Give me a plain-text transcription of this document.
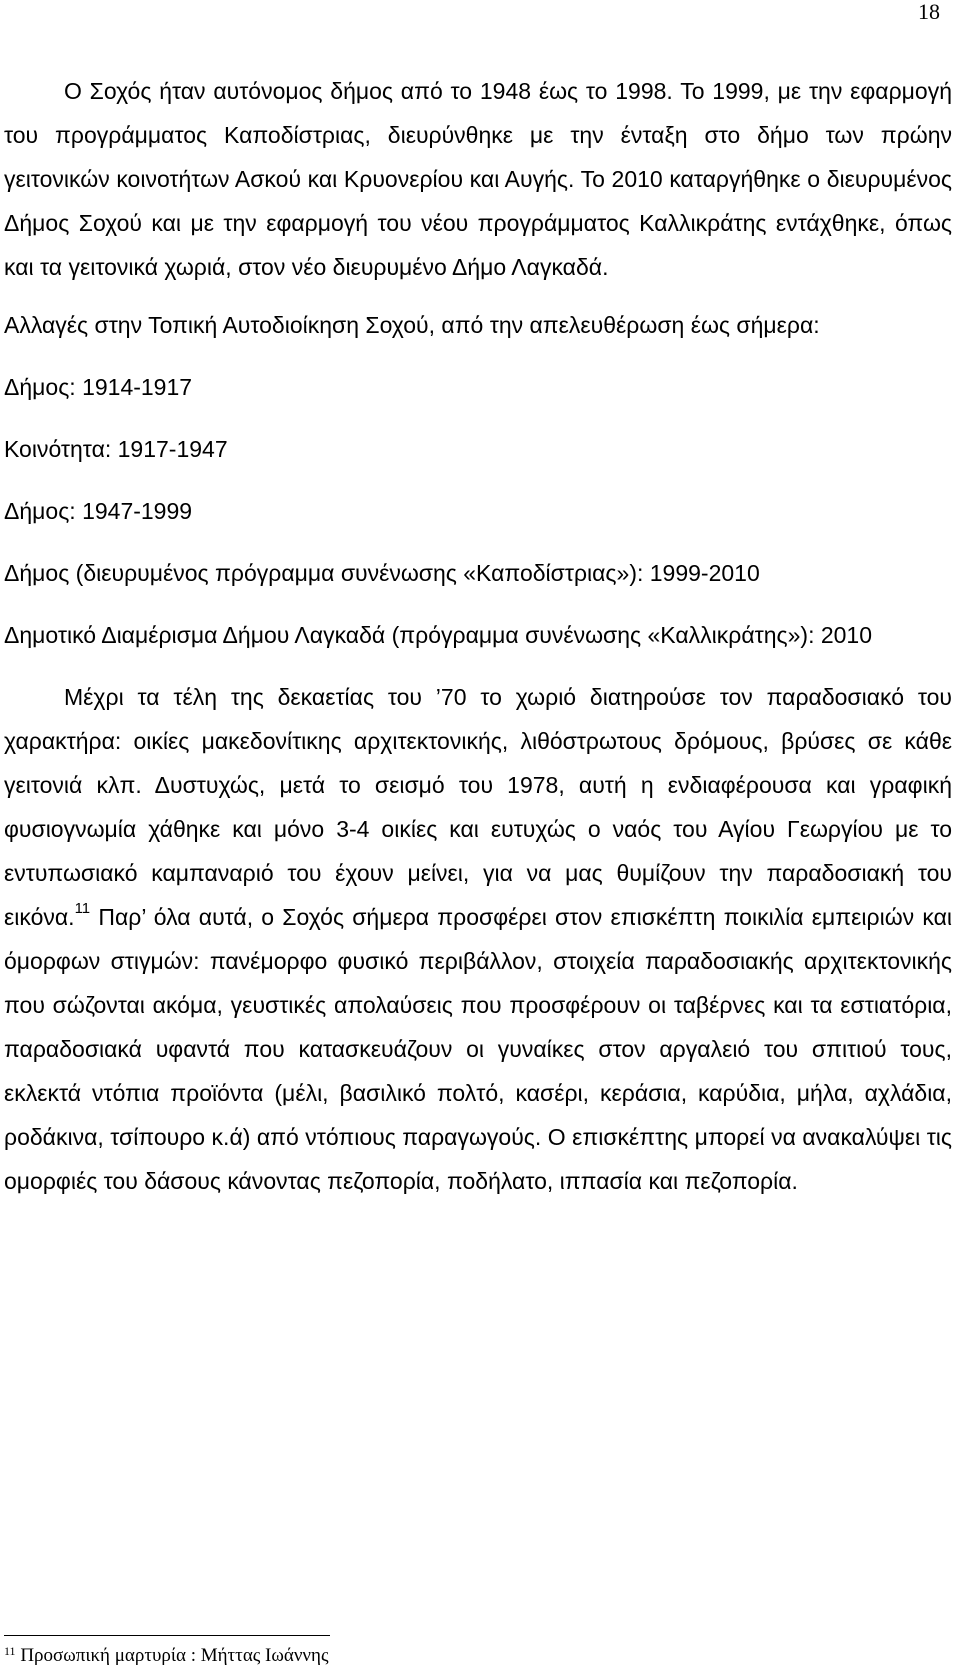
18

Ο Σοχός ήταν αυτόνομος δήμος από το 1948 έως το 1998. Το 1999, με την εφαρμογή του προγράμματος Καποδίστριας, διευρύνθηκε με την ένταξη στο δήμο των πρώην γειτονικών κοινοτήτων Ασκού και Κρυονερίου και Αυγής. Το 2010 καταργήθηκε ο διευρυμένος Δήμος Σοχού και με την εφαρμογή του νέου προγράμματος Καλλικράτης εντάχθηκε, όπως και τα γειτονικά χωριά, στον νέο διευρυμένο Δήμο Λαγκαδά.

Αλλαγές στην Τοπική Αυτοδιοίκηση Σοχού, από την απελευθέρωση έως σήμερα:

Δήμος: 1914-1917

Κοινότητα: 1917-1947

Δήμος: 1947-1999

Δήμος (διευρυμένος πρόγραμμα συνένωσης «Καποδίστριας»): 1999-2010

Δημοτικό Διαμέρισμα Δήμου Λαγκαδά (πρόγραμμα συνένωσης «Καλλικράτης»): 2010

Μέχρι τα τέλη της δεκαετίας του ’70 το χωριό διατηρούσε τον παραδοσιακό του χαρακτήρα: οικίες μακεδονίτικης αρχιτεκτονικής, λιθόστρωτους δρόμους, βρύσες σε κάθε γειτονιά κλπ. Δυστυχώς, μετά το σεισμό του 1978, αυτή η ενδιαφέρουσα και γραφική φυσιογνωμία χάθηκε και μόνο 3-4 οικίες και ευτυχώς ο ναός του Αγίου Γεωργίου με το εντυπωσιακό καμπαναριό του έχουν μείνει, για να μας θυμίζουν την παραδοσιακή του εικόνα.$^{11}$ Παρ’ όλα αυτά, ο Σοχός σήμερα προσφέρει στον επισκέπτη ποικιλία εμπειριών και όμορφων στιγμών: πανέμορφο φυσικό περιβάλλον, στοιχεία παραδοσιακής αρχιτεκτονικής που σώζονται ακόμα, γευστικές απολαύσεις που προσφέρουν οι ταβέρνες και τα εστιατόρια, παραδοσιακά υφαντά που κατασκευάζουν οι γυναίκες στον αργαλειό του σπιτιού τους, εκλεκτά ντόπια προϊόντα (μέλι, βασιλικό πολτό, κασέρι, κεράσια, καρύδια, μήλα, αχλάδια, ροδάκινα, τσίπουρο κ.ά) από ντόπιους παραγωγούς. Ο επισκέπτης μπορεί να ανακαλύψει τις ομορφιές του δάσους κάνοντας πεζοπορία, ποδήλατο, ιππασία και πεζοπορία.

$^{11}$ Προσωπική μαρτυρία : Μήττας Ιωάννης
